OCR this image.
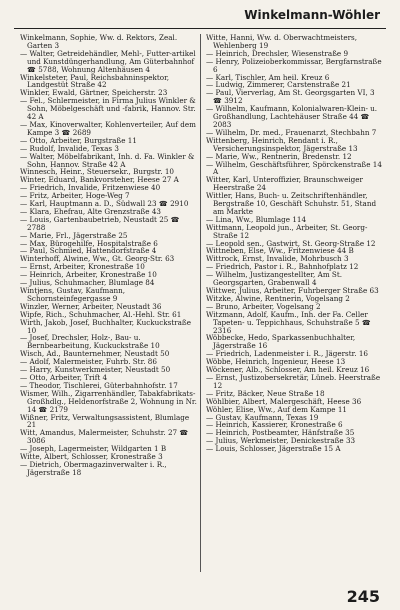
Winkelmann-Wöhler

Winkelmann, Sophie, Ww. d. Rektors, Zeal. Garten 3

— Walter, Getreidehändler, Mehl-, Futter-artikel und Kunstdüngerhandlung, Am Güterbahnhof ☎ 5788, Wohnung Altenhäusen 4

Winkelsteter, Paul, Reichsbahninspektor, Landgestüt Straße 42

Winkler, Ewald, Gärtner, Speicherstr. 23

— Fel., Schlermeister, in Firma Julius Winkler & Sohn, Möbelgeschäft und -fabrik, Hannov. Str. 42 A

— Max, Kinoverwalter, Kohlenverteiler, Auf dem Kampe 3 ☎ 2689

— Otto, Arbeiter, Burgstraße 11

— Rudolf, Invalide, Texas 3

— Walter, Möbelfabrikant, Inh. d. Fa. Winkler & Sohn, Hannov. Straße 42 A

Winnesch, Heinr., Steuersekr., Burgstr. 10

Winter, Eduard, Bankvorsteher, Heese 27 A

— Friedrich, Invalide, Fritzenwiese 40

— Fritz, Arbeiter, Hoge-Weg 7

— Karl, Hauptmann a. D., Südwall 23 ☎ 2910

— Klara, Ehefrau, Alte Grenzstraße 43

— Louis, Gartenbaubetrieb, Neustadt 25 ☎ 2788

— Marie, Frl., Jägerstraße 25

— Max, Bürogehilfe, Hospitalstraße 6

— Paul, Schmied, Hattendorfstraße 4

Winterhoff, Alwine, Ww., Gt. Georg-Str. 63

— Ernst, Arbeiter, Kronestraße 10

— Heinrich, Arbeiter, Kronestraße 10

— Julius, Schuhmacher, Blumlage 84

Wintjens, Gustav, Kaufmann, Schornsteinfegergasse 9

Winzler, Werner, Arbeiter, Neustadt 36

Wipfe, Rich., Schuhmacher, Al.-Hehl. Str. 61

Wirth, Jakob, Josef, Buchhalter, Kuckuckstraße 10

— Josef, Drechsler, Holz-, Bau- u. Bernbearbeitung, Kuckuckstraße 10

Wisch, Ad., Baunternehmer, Neustadt 50

— Adolf, Malermeister, Fuhrb. Str. 86

— Harry, Kunstwerkmeister, Neustadt 50

— Otto, Arbeiter, Trift 4

— Theodor, Tischlerei, Güterbahnhofstr. 17

Wismer, Wilh., Zigarrenhändler, Tabakfabrikats-Großhdlg., Heldenorfstraße 2, Wohnung in Nr. 14 ☎ 2179

Wißner, Fritz, Verwaltungsassistent, Blumlage 21

Witt, Amandus, Malermeister, Schuhstr. 27 ☎ 3086

— Joseph, Lagermeister, Wildgarten 1 B

Witte, Albert, Schlosser, Kronestraße 3

— Dietrich, Obermagazinverwalter i. R., Jägerstraße 18

Witte, Hanni, Ww. d. Oberwachtmeisters, Wehlenberg 19

— Heinrich, Drechsler, Wiesenstraße 9

— Henry, Polizeioberkommissar, Bergfarnstraße 6

— Karl, Tischler, Am heil. Kreuz 6

— Ludwig, Zimmerer, Carstenstraße 21

— Paul, Vierverlag, Am St. Georgsgarten VI, 3 ☎ 3912

— Wilhelm, Kaufmann, Kolonialwaren-Klein- u. Großhandlung, Lachtehäuser Straße 44 ☎ 2083

— Wilhelm, Dr. med., Frauenarzt, Stechbahn 7

Wittenberg, Heinrich, Rendant i. R., Versicherungsinspektor, Jägerstraße 13

— Marie, Ww., Rentnerin, Bredenstr. 12

— Wilhelm, Geschäftsführer, Spörckenstraße 14 A

Witter, Karl, Unteroffizier, Braunschweiger Heerstraße 24

Wittler, Hans, Buch- u. Zeitschriftenhändler, Bergstraße 10, Geschäft Schuhstr. 51, Stand am Markte

— Lina, Ww., Blumlage 114

Wittmann, Leopold jun., Arbeiter, St. Georg-Straße 12

— Leopold sen., Gastwirt, St. Georg-Straße 12

Wittneben, Else, Ww., Fritzenwiese 44 B

Wittrock, Ernst, Invalide, Mohrbusch 3

— Friedrich, Pastor i. R., Bahnhofplatz 12

— Wilhelm, Justizangestellter, Am St. Georgsgarten, Grabenwall 4

Wittwer, Julius, Arbeiter, Fuhrberger Straße 63

Witzke, Alwine, Rentnerin, Vogelsang 2

— Bruno, Arbeiter, Vogelsang 2

Witzmann, Adolf, Kaufm., Inh. der Fa. Celler Tapeten- u. Teppichhaus, Schuhstraße 5 ☎ 2316

Wöbbecke, Hedo, Sparkassenbuchhalter, Jägerstraße 16

— Friedrich, Ladenmeister i. R., Jägerstr. 16

Wöbbe, Heinrich, Ingenieur, Heese 13

Wöckener, Alb., Schlosser, Am heil. Kreuz 16

— Ernst, Justizobersekretär, Lüneb. Heerstraße 12

— Fritz, Bäcker, Neue Straße 18

Wöhlbier, Albert, Malergeschäft, Heese 36

Wöhler, Elise, Ww., Auf dem Kampe 11

— Gustav, Kaufmann, Texas 19

— Heinrich, Kassierer, Kronestraße 6

— Heinrich, Postbeamter, Hänfstraße 35

— Julius, Werkmeister, Denickestraße 33

— Louis, Schlosser, Jägerstraße 15 A

245
